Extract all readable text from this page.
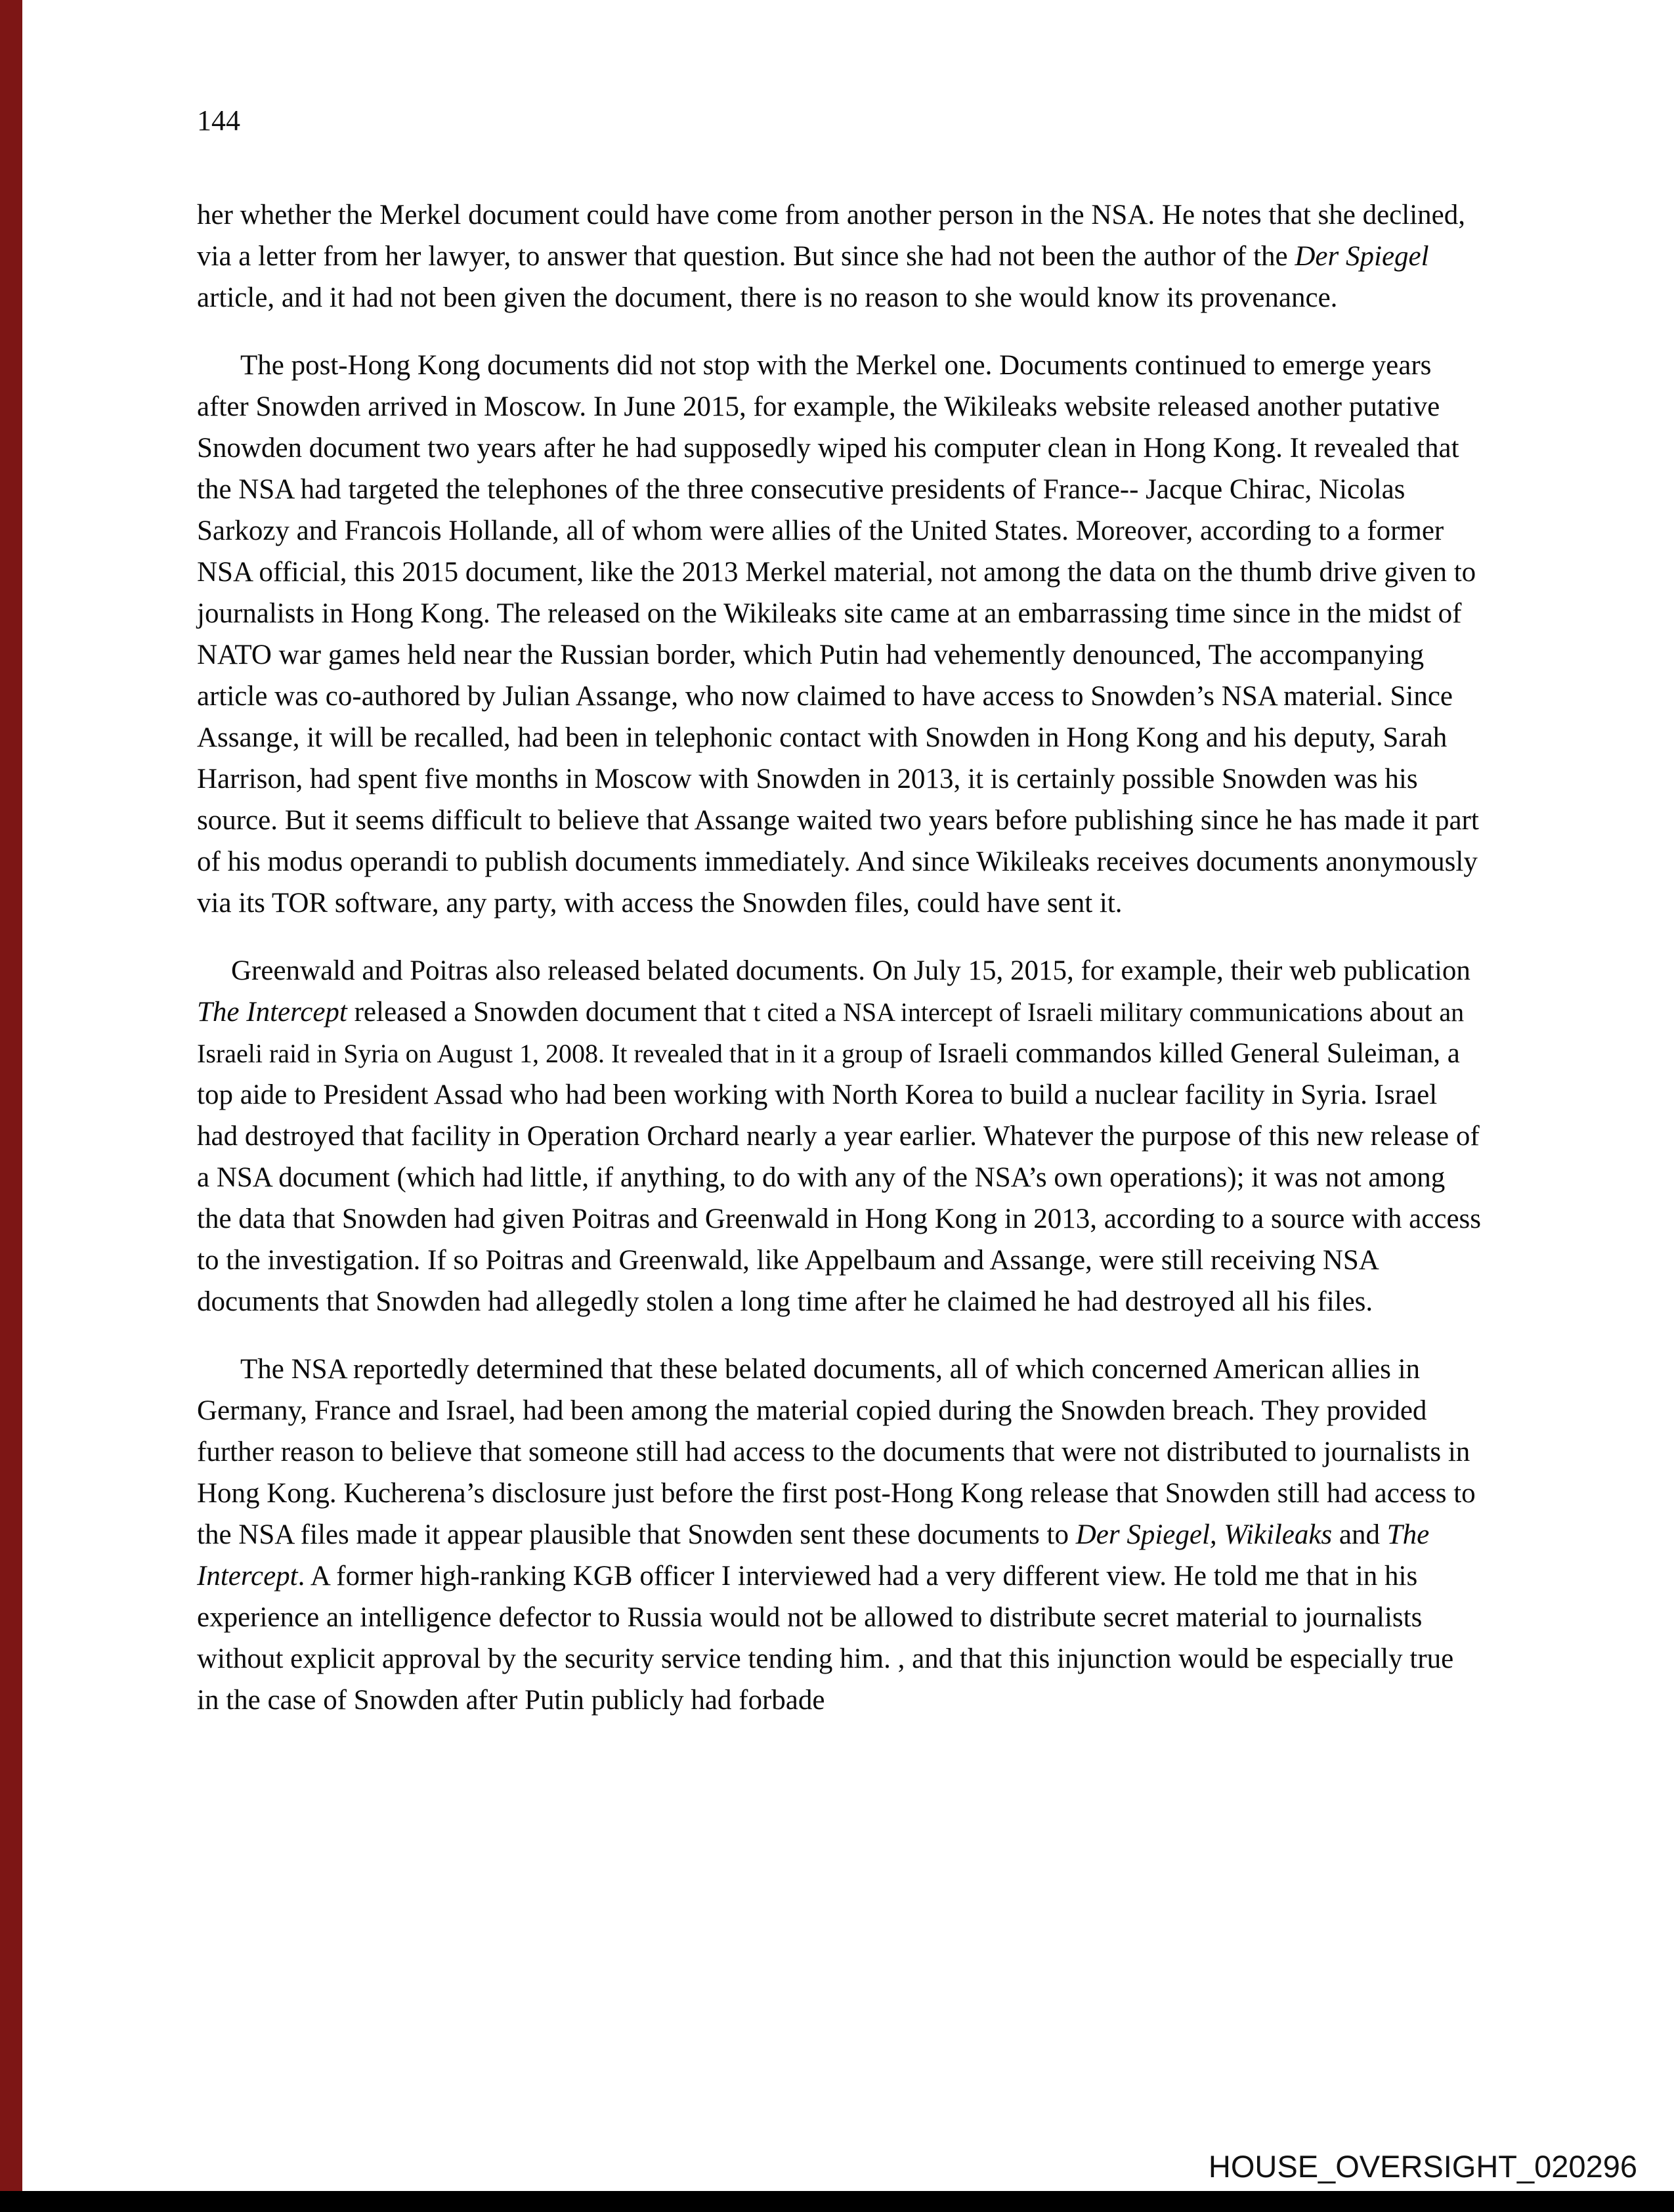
144

her whether the Merkel document could have come from another person in the NSA. He notes that she declined, via a letter from her lawyer, to answer that question. But since she had not been the author of the Der Spiegel article, and it had not been given the document, there is no reason to she would know its provenance.

The post-Hong Kong documents did not stop with the Merkel one. Documents continued to emerge years after Snowden arrived in Moscow. In June 2015, for example, the Wikileaks website released another putative Snowden document two years after he had supposedly wiped his computer clean in Hong Kong. It revealed that the NSA had targeted the telephones of the three consecutive presidents of France-- Jacque Chirac, Nicolas Sarkozy and Francois Hollande, all of whom were allies of the United States. Moreover, according to a former NSA official, this 2015 document, like the 2013 Merkel material, not among the data on the thumb drive given to journalists in Hong Kong. The released on the Wikileaks site came at an embarrassing time since in the midst of NATO war games held near the Russian border, which Putin had vehemently denounced, The accompanying article was co-authored by Julian Assange, who now claimed to have access to Snowden’s NSA material. Since Assange, it will be recalled, had been in telephonic contact with Snowden in Hong Kong and his deputy, Sarah Harrison, had spent five months in Moscow with Snowden in 2013, it is certainly possible Snowden was his source. But it seems difficult to believe that Assange waited two years before publishing since he has made it part of his modus operandi to publish documents immediately. And since Wikileaks receives documents anonymously via its TOR software, any party, with access the Snowden files, could have sent it.

Greenwald and Poitras also released belated documents. On July 15, 2015, for example, their web publication The Intercept released a Snowden document that t cited a NSA intercept of Israeli military communications about an Israeli raid in Syria on August 1, 2008. It revealed that in it a group of Israeli commandos killed General Suleiman, a top aide to President Assad who had been working with North Korea to build a nuclear facility in Syria. Israel had destroyed that facility in Operation Orchard nearly a year earlier. Whatever the purpose of this new release of a NSA document (which had little, if anything, to do with any of the NSA’s own operations); it was not among the data that Snowden had given Poitras and Greenwald in Hong Kong in 2013, according to a source with access to the investigation. If so Poitras and Greenwald, like Appelbaum and Assange, were still receiving NSA documents that Snowden had allegedly stolen a long time after he claimed he had destroyed all his files.

The NSA reportedly determined that these belated documents, all of which concerned American allies in Germany, France and Israel, had been among the material copied during the Snowden breach. They provided further reason to believe that someone still had access to the documents that were not distributed to journalists in Hong Kong. Kucherena’s disclosure just before the first post-Hong Kong release that Snowden still had access to the NSA files made it appear plausible that Snowden sent these documents to Der Spiegel, Wikileaks and The Intercept. A former high-ranking KGB officer I interviewed had a very different view. He told me that in his experience an intelligence defector to Russia would not be allowed to distribute secret material to journalists without explicit approval by the security service tending him. , and that this injunction would be especially true in the case of Snowden after Putin publicly had forbade

HOUSE_OVERSIGHT_020296
